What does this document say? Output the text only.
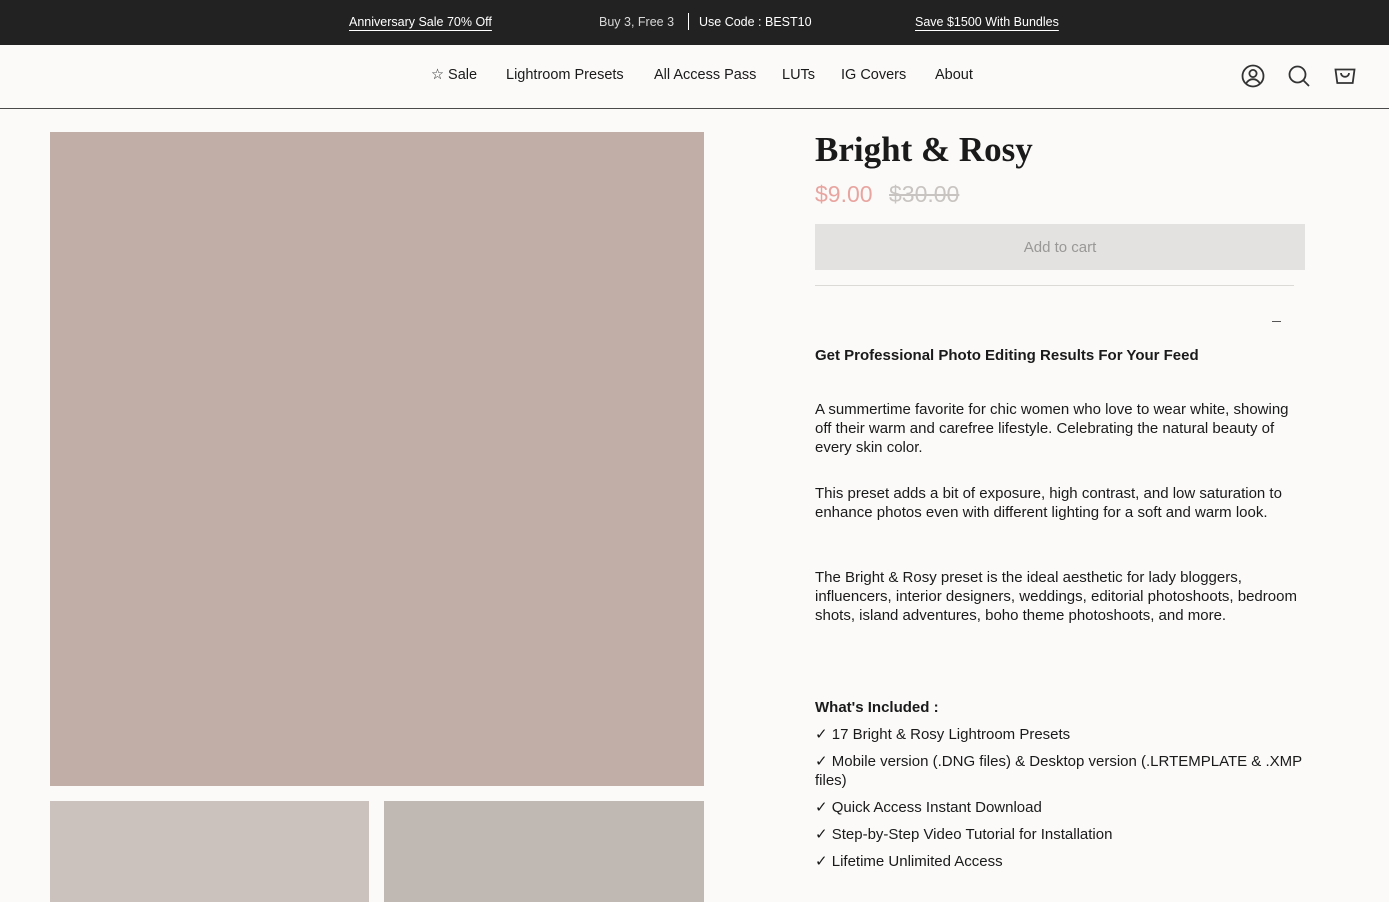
Anniversary Sale 70% Off	Buy 3, Free 3 Use Code : BEST10	Save $1500 With Bundles
☆ Sale Lightroom Presets All Access Pass LUTs IG Covers About
Bright & Rosy
$9.00 $30.00
Add to cart
Get Professional Photo Editing Results For Your Feed

A summertime favorite for chic women who love to wear white, showing off their warm and carefree lifestyle. Celebrating the natural beauty of every skin color.

This preset adds a bit of exposure, high contrast, and low saturation to enhance photos even with different lighting for a soft and warm look.

The Bright & Rosy preset is the ideal aesthetic for lady bloggers, influencers, interior designers, weddings, editorial photoshoots, bedroom shots, island adventures, boho theme photoshoots, and more.

What's Included :
✓ 17 Bright & Rosy Lightroom Presets
✓ Mobile version (.DNG files) & Desktop version (.LRTEMPLATE & .XMP files)
✓ Quick Access Instant Download
✓ Step-by-Step Video Tutorial for Installation
✓ Lifetime Unlimited Access
